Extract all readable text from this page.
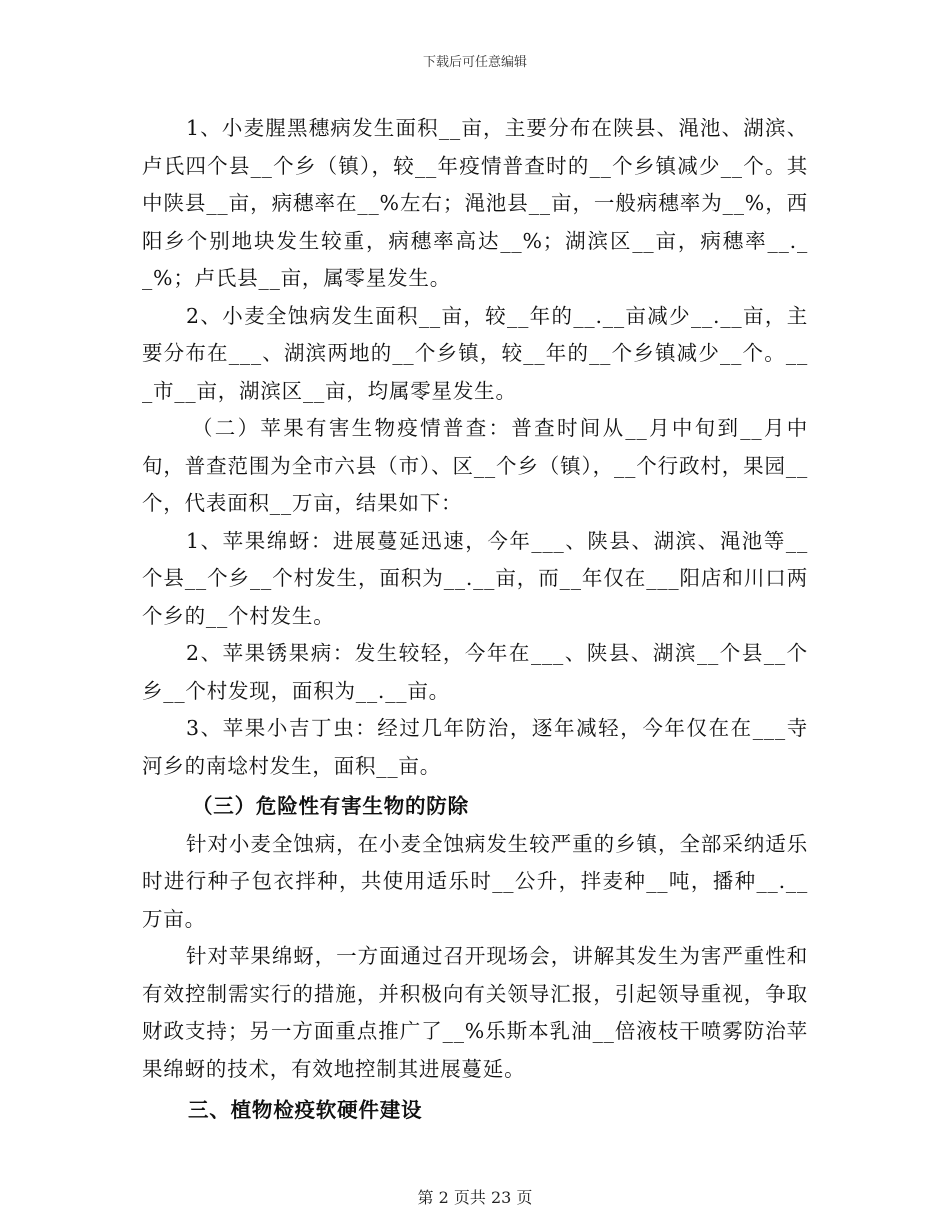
下载后可任意编辑

1、小麦腥黑穗病发生面积__亩，主要分布在陕县、渑池、湖滨、卢氏四个县__个乡（镇），较__年疫情普查时的__个乡镇减少__个。其中陕县__亩，病穗率在__%左右；渑池县__亩，一般病穗率为__%，西阳乡个别地块发生较重，病穗率高达__%；湖滨区__亩，病穗率__._ _%；卢氏县__亩，属零星发生。

2、小麦全蚀病发生面积__亩，较__年的__.__亩减少__.__亩，主要分布在___、湖滨两地的__个乡镇，较__年的__个乡镇减少__个。__ _市__亩，湖滨区__亩，均属零星发生。

（二）苹果有害生物疫情普查：普查时间从__月中旬到__月中旬，普查范围为全市六县（市）、区__个乡（镇），__个行政村，果园__个，代表面积__万亩，结果如下：

1、苹果绵蚜：进展蔓延迅速，今年___、陕县、湖滨、渑池等__个县__个乡__个村发生，面积为__.__亩，而__年仅在___阳店和川口两个乡的__个村发生。

2、苹果锈果病：发生较轻，今年在___、陕县、湖滨__个县__个乡__个村发现，面积为__.__亩。

3、苹果小吉丁虫：经过几年防治，逐年减轻，今年仅在在___寺河乡的南埝村发生，面积__亩。

（三）危险性有害生物的防除

针对小麦全蚀病，在小麦全蚀病发生较严重的乡镇，全部采纳适乐时进行种子包衣拌种，共使用适乐时__公升，拌麦种__吨，播种__.__万亩。

针对苹果绵蚜，一方面通过召开现场会，讲解其发生为害严重性和有效控制需实行的措施，并积极向有关领导汇报，引起领导重视，争取财政支持；另一方面重点推广了__%乐斯本乳油__倍液枝干喷雾防治苹果绵蚜的技术，有效地控制其进展蔓延。

三、植物检疫软硬件建设

第 2 页共 23 页
